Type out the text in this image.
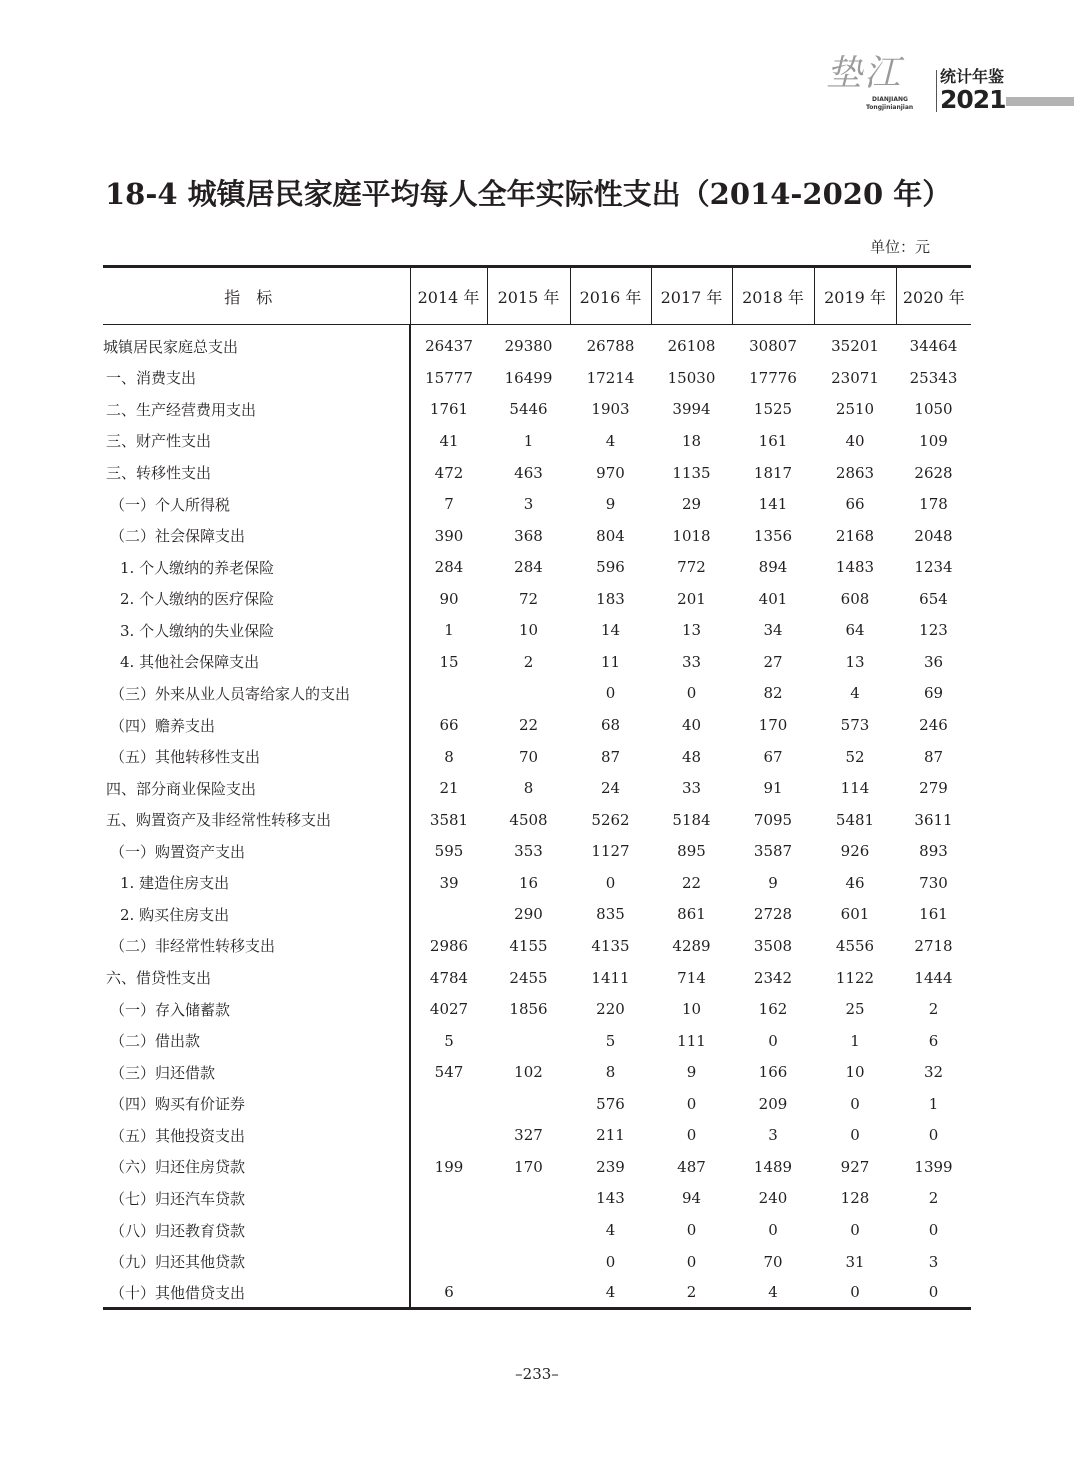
垫江
DIANJIANG
Tongjinianjian
统计年鉴
2021
18-4 城镇居民家庭平均每人全年实际性支出（2014-2020 年）
单位：元
指标	2014 年	2015 年	2016 年	2017 年	2018 年	2019 年	2020 年

城镇居民家庭总支出	26437	29380	26788	26108	30807	35201	34464
一、消费支出	15777	16499	17214	15030	17776	23071	25343
二、生产经营费用支出	1761	5446	1903	3994	1525	2510	1050
三、财产性支出	41	1	4	18	161	40	109
三、转移性支出	472	463	970	1135	1817	2863	2628
（一）个人所得税	7	3	9	29	141	66	178
（二）社会保障支出	390	368	804	1018	1356	2168	2048
1. 个人缴纳的养老保险	284	284	596	772	894	1483	1234
2. 个人缴纳的医疗保险	90	72	183	201	401	608	654
3. 个人缴纳的失业保险	1	10	14	13	34	64	123
4. 其他社会保障支出	15	2	11	33	27	13	36
（三）外来从业人员寄给家人的支出			0	0	82	4	69
（四）赡养支出	66	22	68	40	170	573	246
（五）其他转移性支出	8	70	87	48	67	52	87
四、部分商业保险支出	21	8	24	33	91	114	279
五、购置资产及非经常性转移支出	3581	4508	5262	5184	7095	5481	3611
（一）购置资产支出	595	353	1127	895	3587	926	893
1. 建造住房支出	39	16	0	22	9	46	730
2. 购买住房支出		290	835	861	2728	601	161
（二）非经常性转移支出	2986	4155	4135	4289	3508	4556	2718
六、借贷性支出	4784	2455	1411	714	2342	1122	1444
（一）存入储蓄款	4027	1856	220	10	162	25	2
（二）借出款	5		5	111	0	1	6
（三）归还借款	547	102	8	9	166	10	32
（四）购买有价证券			576	0	209	0	1
（五）其他投资支出		327	211	0	3	0	0
（六）归还住房贷款	199	170	239	487	1489	927	1399
（七）归还汽车贷款			143	94	240	128	2
（八）归还教育贷款			4	0	0	0	0
（九）归还其他贷款			0	0	70	31	3
（十）其他借贷支出	6		4	2	4	0	0
–233–
